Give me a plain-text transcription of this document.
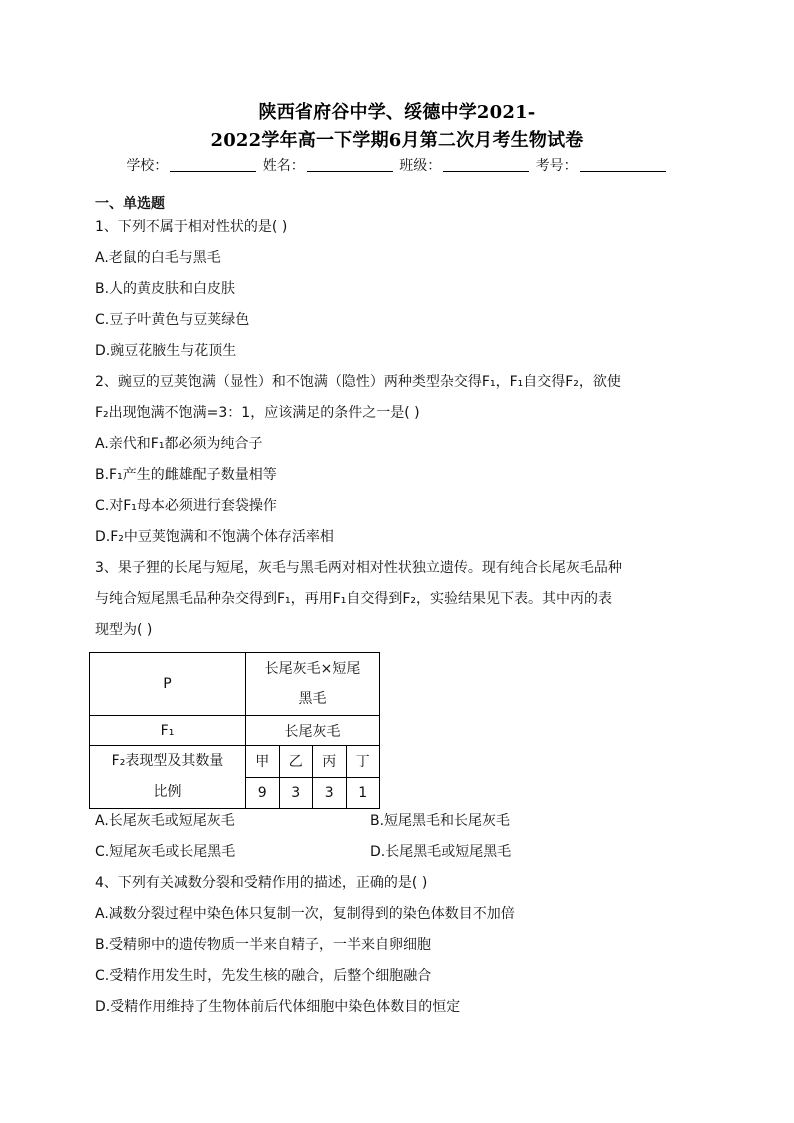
陕西省府谷中学、绥德中学2021-
2022学年高一下学期6月第二次月考生物试卷
学校：	姓名：	班级：	考号：
一、单选题
1、下列不属于相对性状的是( )
A.老鼠的白毛与黑毛
B.人的黄皮肤和白皮肤
C.豆子叶黄色与豆荚绿色
D.豌豆花腋生与花顶生
2、豌豆的豆荚饱满（显性）和不饱满（隐性）两种类型杂交得F₁，F₁自交得F₂，欲使
F₂出现饱满不饱满=3：1，应该满足的条件之一是( )
A.亲代和F₁都必须为纯合子
B.F₁产生的雌雄配子数量相等
C.对F₁母本必须进行套袋操作
D.F₂中豆荚饱满和不饱满个体存活率相
3、果子狸的长尾与短尾，灰毛与黑毛两对相对性状独立遗传。现有纯合长尾灰毛品种
与纯合短尾黑毛品种杂交得到F₁，再用F₁自交得到F₂，实验结果见下表。其中丙的表
现型为( )
P	长尾灰毛×短尾
黑毛			
F₁	长尾灰毛			
F₂表现型及其数量
比例	甲	乙	丙	丁
	9	3	3	1
A.长尾灰毛或短尾灰毛	B.短尾黑毛和长尾灰毛
C.短尾灰毛或长尾黑毛	D.长尾黑毛或短尾黑毛
4、下列有关减数分裂和受精作用的描述，正确的是( )
A.减数分裂过程中染色体只复制一次，复制得到的染色体数目不加倍
B.受精卵中的遗传物质一半来自精子，一半来自卵细胞
C.受精作用发生时，先发生核的融合，后整个细胞融合
D.受精作用维持了生物体前后代体细胞中染色体数目的恒定
